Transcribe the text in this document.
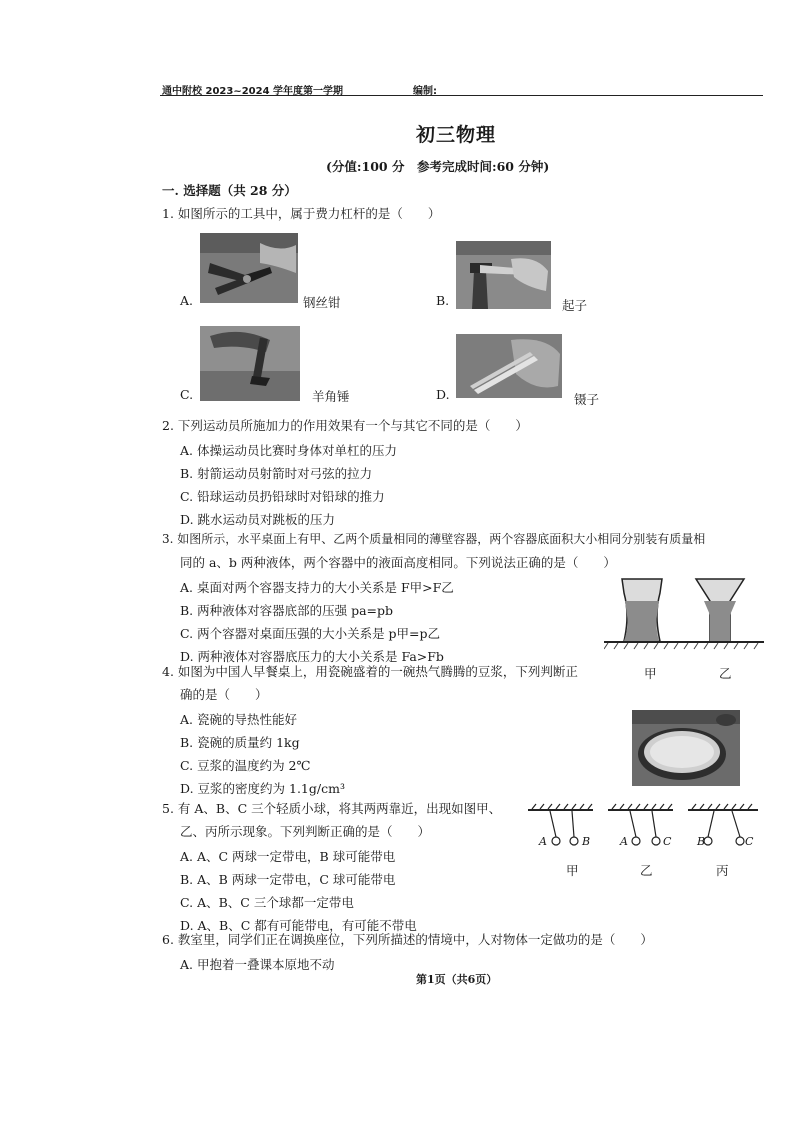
通中附校 2023~2024 学年度第一学期	编制:
初三物理
(分值:100 分　参考完成时间:60 分钟)
一. 选择题（共 28 分）
1. 如图所示的工具中，属于费力杠杆的是（　　）
A.	钢丝钳	B.	起子
C.	羊角锤	D.	镊子
2. 下列运动员所施加力的作用效果有一个与其它不同的是（　　）
A. 体操运动员比赛时身体对单杠的压力
B. 射箭运动员射箭时对弓弦的拉力
C. 铅球运动员扔铅球时对铅球的推力
D. 跳水运动员对跳板的压力
3. 如图所示，水平桌面上有甲、乙两个质量相同的薄壁容器，两个容器底面积大小相同分别装有质量相
同的 a、b 两种液体，两个容器中的液面高度相同。下列说法正确的是（　　）
A. 桌面对两个容器支持力的大小关系是 F甲>F乙
B. 两种液体对容器底部的压强 pa=pb
C. 两个容器对桌面压强的大小关系是 p甲=p乙
D. 两种液体对容器底压力的大小关系是 Fa>Fb
甲	乙
4. 如图为中国人早餐桌上，用瓷碗盛着的一碗热气腾腾的豆浆，下列判断正
确的是（　　）
A. 瓷碗的导热性能好
B. 瓷碗的质量约 1kg
C. 豆浆的温度约为 2℃
D. 豆浆的密度约为 1.1g/cm³
5. 有 A、B、C 三个轻质小球，将其两两靠近，出现如图甲、
乙、丙所示现象。下列判断正确的是（　　）
A. A、C 两球一定带电，B 球可能带电
B. A、B 两球一定带电，C 球可能带电
C. A、B、C 三个球都一定带电
D. A、B、C 都有可能带电，有可能不带电
A	B	A	C B	C
甲	乙	丙
6. 教室里，同学们正在调换座位，下列所描述的情境中，人对物体一定做功的是（　　）
A. 甲抱着一叠课本原地不动
第1页（共6页）
